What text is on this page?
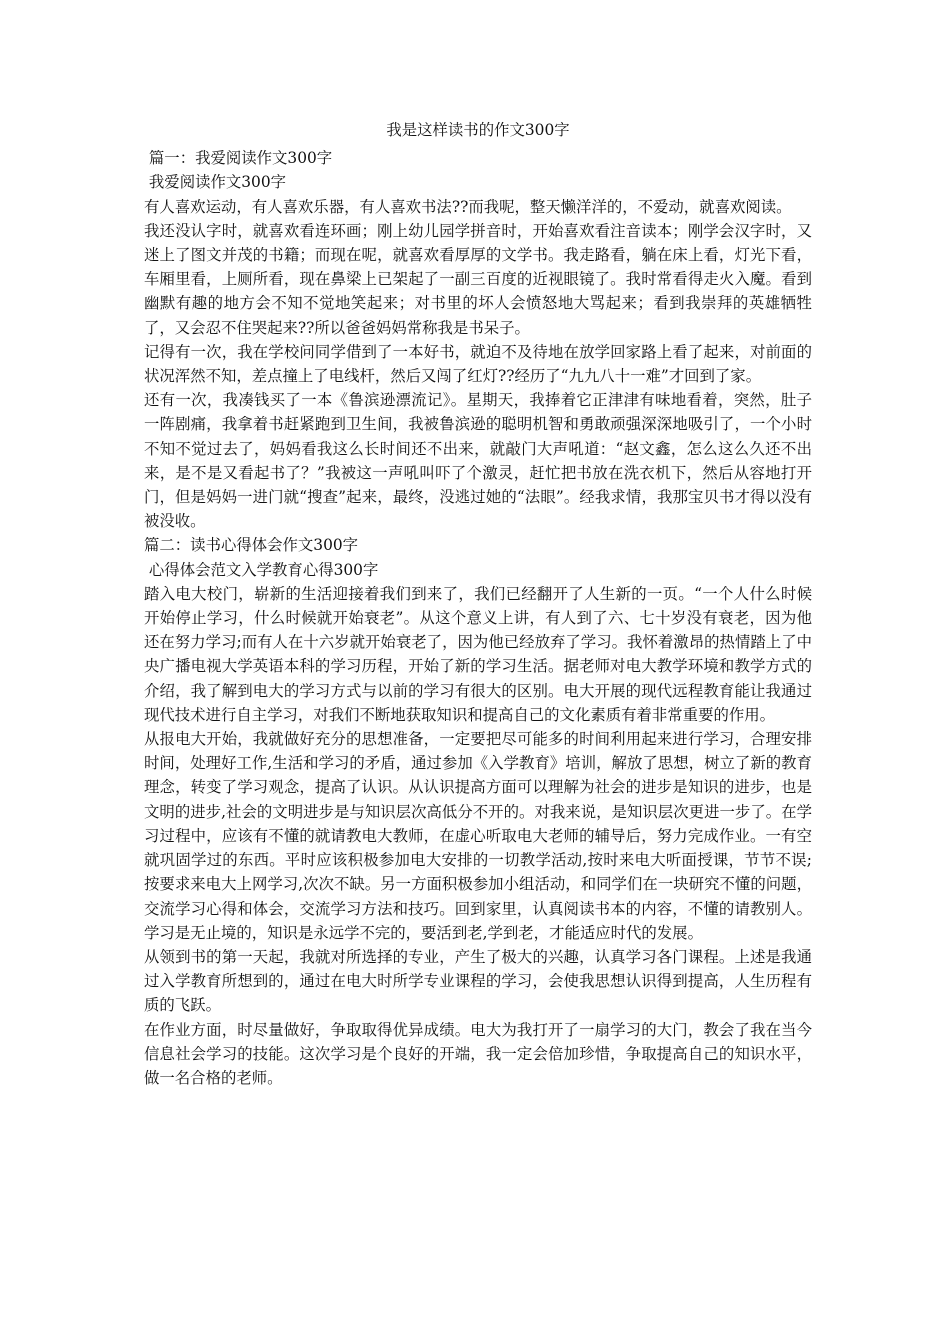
我是这样读书的作文300字
篇一：我爱阅读作文300字
我爱阅读作文300字
有人喜欢运动，有人喜欢乐器，有人喜欢书法??而我呢，整天懒洋洋的，不爱动，就喜欢阅读。
我还没认字时，就喜欢看连环画；刚上幼儿园学拼音时，开始喜欢看注音读本；刚学会汉字时，又迷上了图文并茂的书籍；而现在呢，就喜欢看厚厚的文学书。我走路看，躺在床上看，灯光下看，车厢里看，上厕所看，现在鼻梁上已架起了一副三百度的近视眼镜了。我时常看得走火入魔。看到幽默有趣的地方会不知不觉地笑起来；对书里的坏人会愤怒地大骂起来；看到我崇拜的英雄牺牲了，又会忍不住哭起来??所以爸爸妈妈常称我是书呆子。
记得有一次，我在学校问同学借到了一本好书，就迫不及待地在放学回家路上看了起来，对前面的状况浑然不知，差点撞上了电线杆，然后又闯了红灯??经历了“九九八十一难”才回到了家。
还有一次，我凑钱买了一本《鲁滨逊漂流记》。星期天，我捧着它正津津有味地看着，突然，肚子一阵剧痛，我拿着书赶紧跑到卫生间，我被鲁滨逊的聪明机智和勇敢顽强深深地吸引了，一个小时不知不觉过去了，妈妈看我这么长时间还不出来，就敲门大声吼道：“赵文鑫，怎么这么久还不出来，是不是又看起书了？”我被这一声吼叫吓了个激灵，赶忙把书放在洗衣机下，然后从容地打开门，但是妈妈一进门就“搜查”起来，最终，没逃过她的“法眼”。经我求情，我那宝贝书才得以没有被没收。
篇二：读书心得体会作文300字
心得体会范文入学教育心得300字
踏入电大校门，崭新的生活迎接着我们到来了，我们已经翻开了人生新的一页。“一个人什么时候开始停止学习，什么时候就开始衰老”。从这个意义上讲，有人到了六、七十岁没有衰老，因为他还在努力学习;而有人在十六岁就开始衰老了，因为他已经放弃了学习。我怀着激昂的热情踏上了中央广播电视大学英语本科的学习历程，开始了新的学习生活。据老师对电大教学环境和教学方式的介绍，我了解到电大的学习方式与以前的学习有很大的区别。电大开展的现代远程教育能让我通过现代技术进行自主学习，对我们不断地获取知识和提高自己的文化素质有着非常重要的作用。
从报电大开始，我就做好充分的思想准备，一定要把尽可能多的时间利用起来进行学习，合理安排时间，处理好工作,生活和学习的矛盾，通过参加《入学教育》培训，解放了思想，树立了新的教育理念，转变了学习观念，提高了认识。从认识提高方面可以理解为社会的进步是知识的进步，也是文明的进步,社会的文明进步是与知识层次高低分不开的。对我来说，是知识层次更进一步了。在学习过程中，应该有不懂的就请教电大教师，在虚心听取电大老师的辅导后，努力完成作业。一有空就巩固学过的东西。平时应该积极参加电大安排的一切教学活动,按时来电大听面授课，节节不误;按要求来电大上网学习,次次不缺。另一方面积极参加小组活动，和同学们在一块研究不懂的问题，交流学习心得和体会，交流学习方法和技巧。回到家里，认真阅读书本的内容，不懂的请教别人。学习是无止境的，知识是永远学不完的，要活到老,学到老，才能适应时代的发展。
从领到书的第一天起，我就对所选择的专业，产生了极大的兴趣，认真学习各门课程。上述是我通过入学教育所想到的，通过在电大时所学专业课程的学习，会使我思想认识得到提高，人生历程有质的飞跃。
在作业方面，时尽量做好，争取取得优异成绩。电大为我打开了一扇学习的大门，教会了我在当今信息社会学习的技能。这次学习是个良好的开端，我一定会倍加珍惜，争取提高自己的知识水平，做一名合格的老师。
